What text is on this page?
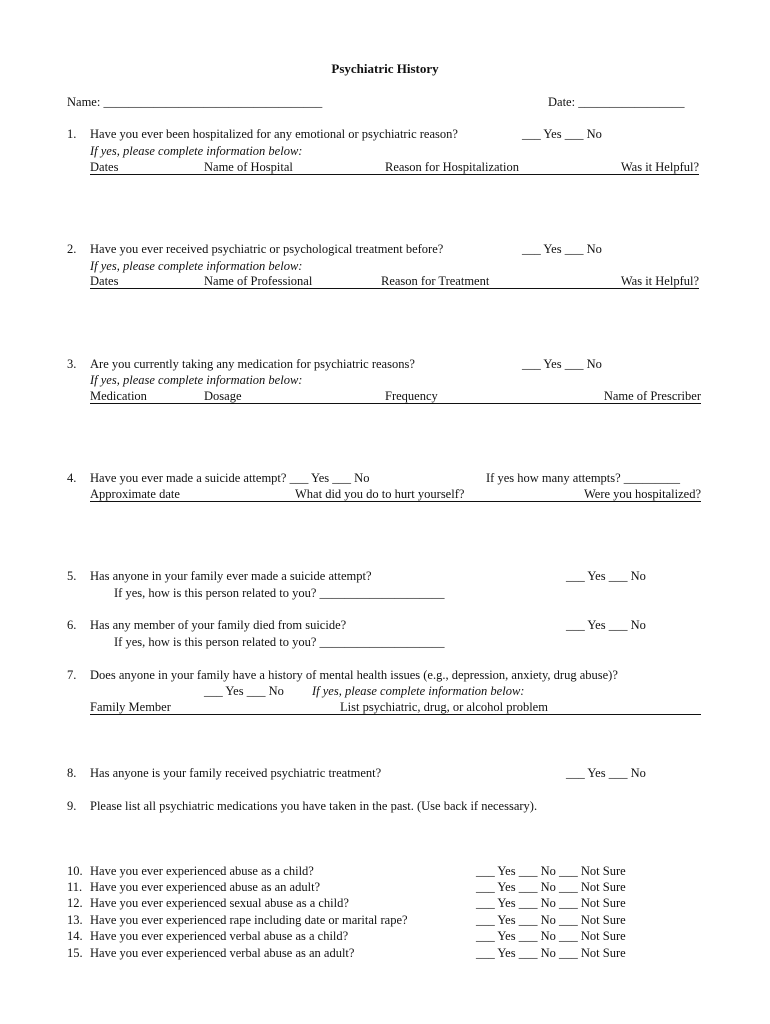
Psychiatric History
Name: ___________________________________	Date: _________________
1. Have you ever been hospitalized for any emotional or psychiatric reason?	___ Yes ___ No
If yes, please complete information below:
Dates	Name of Hospital	Reason for Hospitalization	Was it Helpful?
2. Have you ever received psychiatric or psychological treatment before?	___ Yes ___ No
If yes, please complete information below:
Dates	Name of Professional	Reason for Treatment	Was it Helpful?
3. Are you currently taking any medication for psychiatric reasons?	___ Yes ___ No
If yes, please complete information below:
Medication	Dosage	Frequency	Name of Prescriber
4. Have you ever made a suicide attempt? ___ Yes ___ No	If yes how many attempts? _________
Approximate date	What did you do to hurt yourself?	Were you hospitalized?
5. Has anyone in your family ever made a suicide attempt?	___ Yes ___ No
If yes, how is this person related to you? ____________________
6. Has any member of your family died from suicide?	___ Yes ___ No
If yes, how is this person related to you? ____________________
7. Does anyone in your family have a history of mental health issues (e.g., depression, anxiety, drug abuse)?
___ Yes ___ No If yes, please complete information below:
Family Member	List psychiatric, drug, or alcohol problem
8. Has anyone is your family received psychiatric treatment?	___ Yes ___ No
9. Please list all psychiatric medications you have taken in the past. (Use back if necessary).
10. Have you ever experienced abuse as a child?	___ Yes ___ No ___ Not Sure
11. Have you ever experienced abuse as an adult?	___ Yes ___ No ___ Not Sure
12. Have you ever experienced sexual abuse as a child?	___ Yes ___ No ___ Not Sure
13. Have you ever experienced rape including date or marital rape?	___ Yes ___ No ___ Not Sure
14. Have you ever experienced verbal abuse as a child?	___ Yes ___ No ___ Not Sure
15. Have you ever experienced verbal abuse as an adult?	___ Yes ___ No ___ Not Sure
